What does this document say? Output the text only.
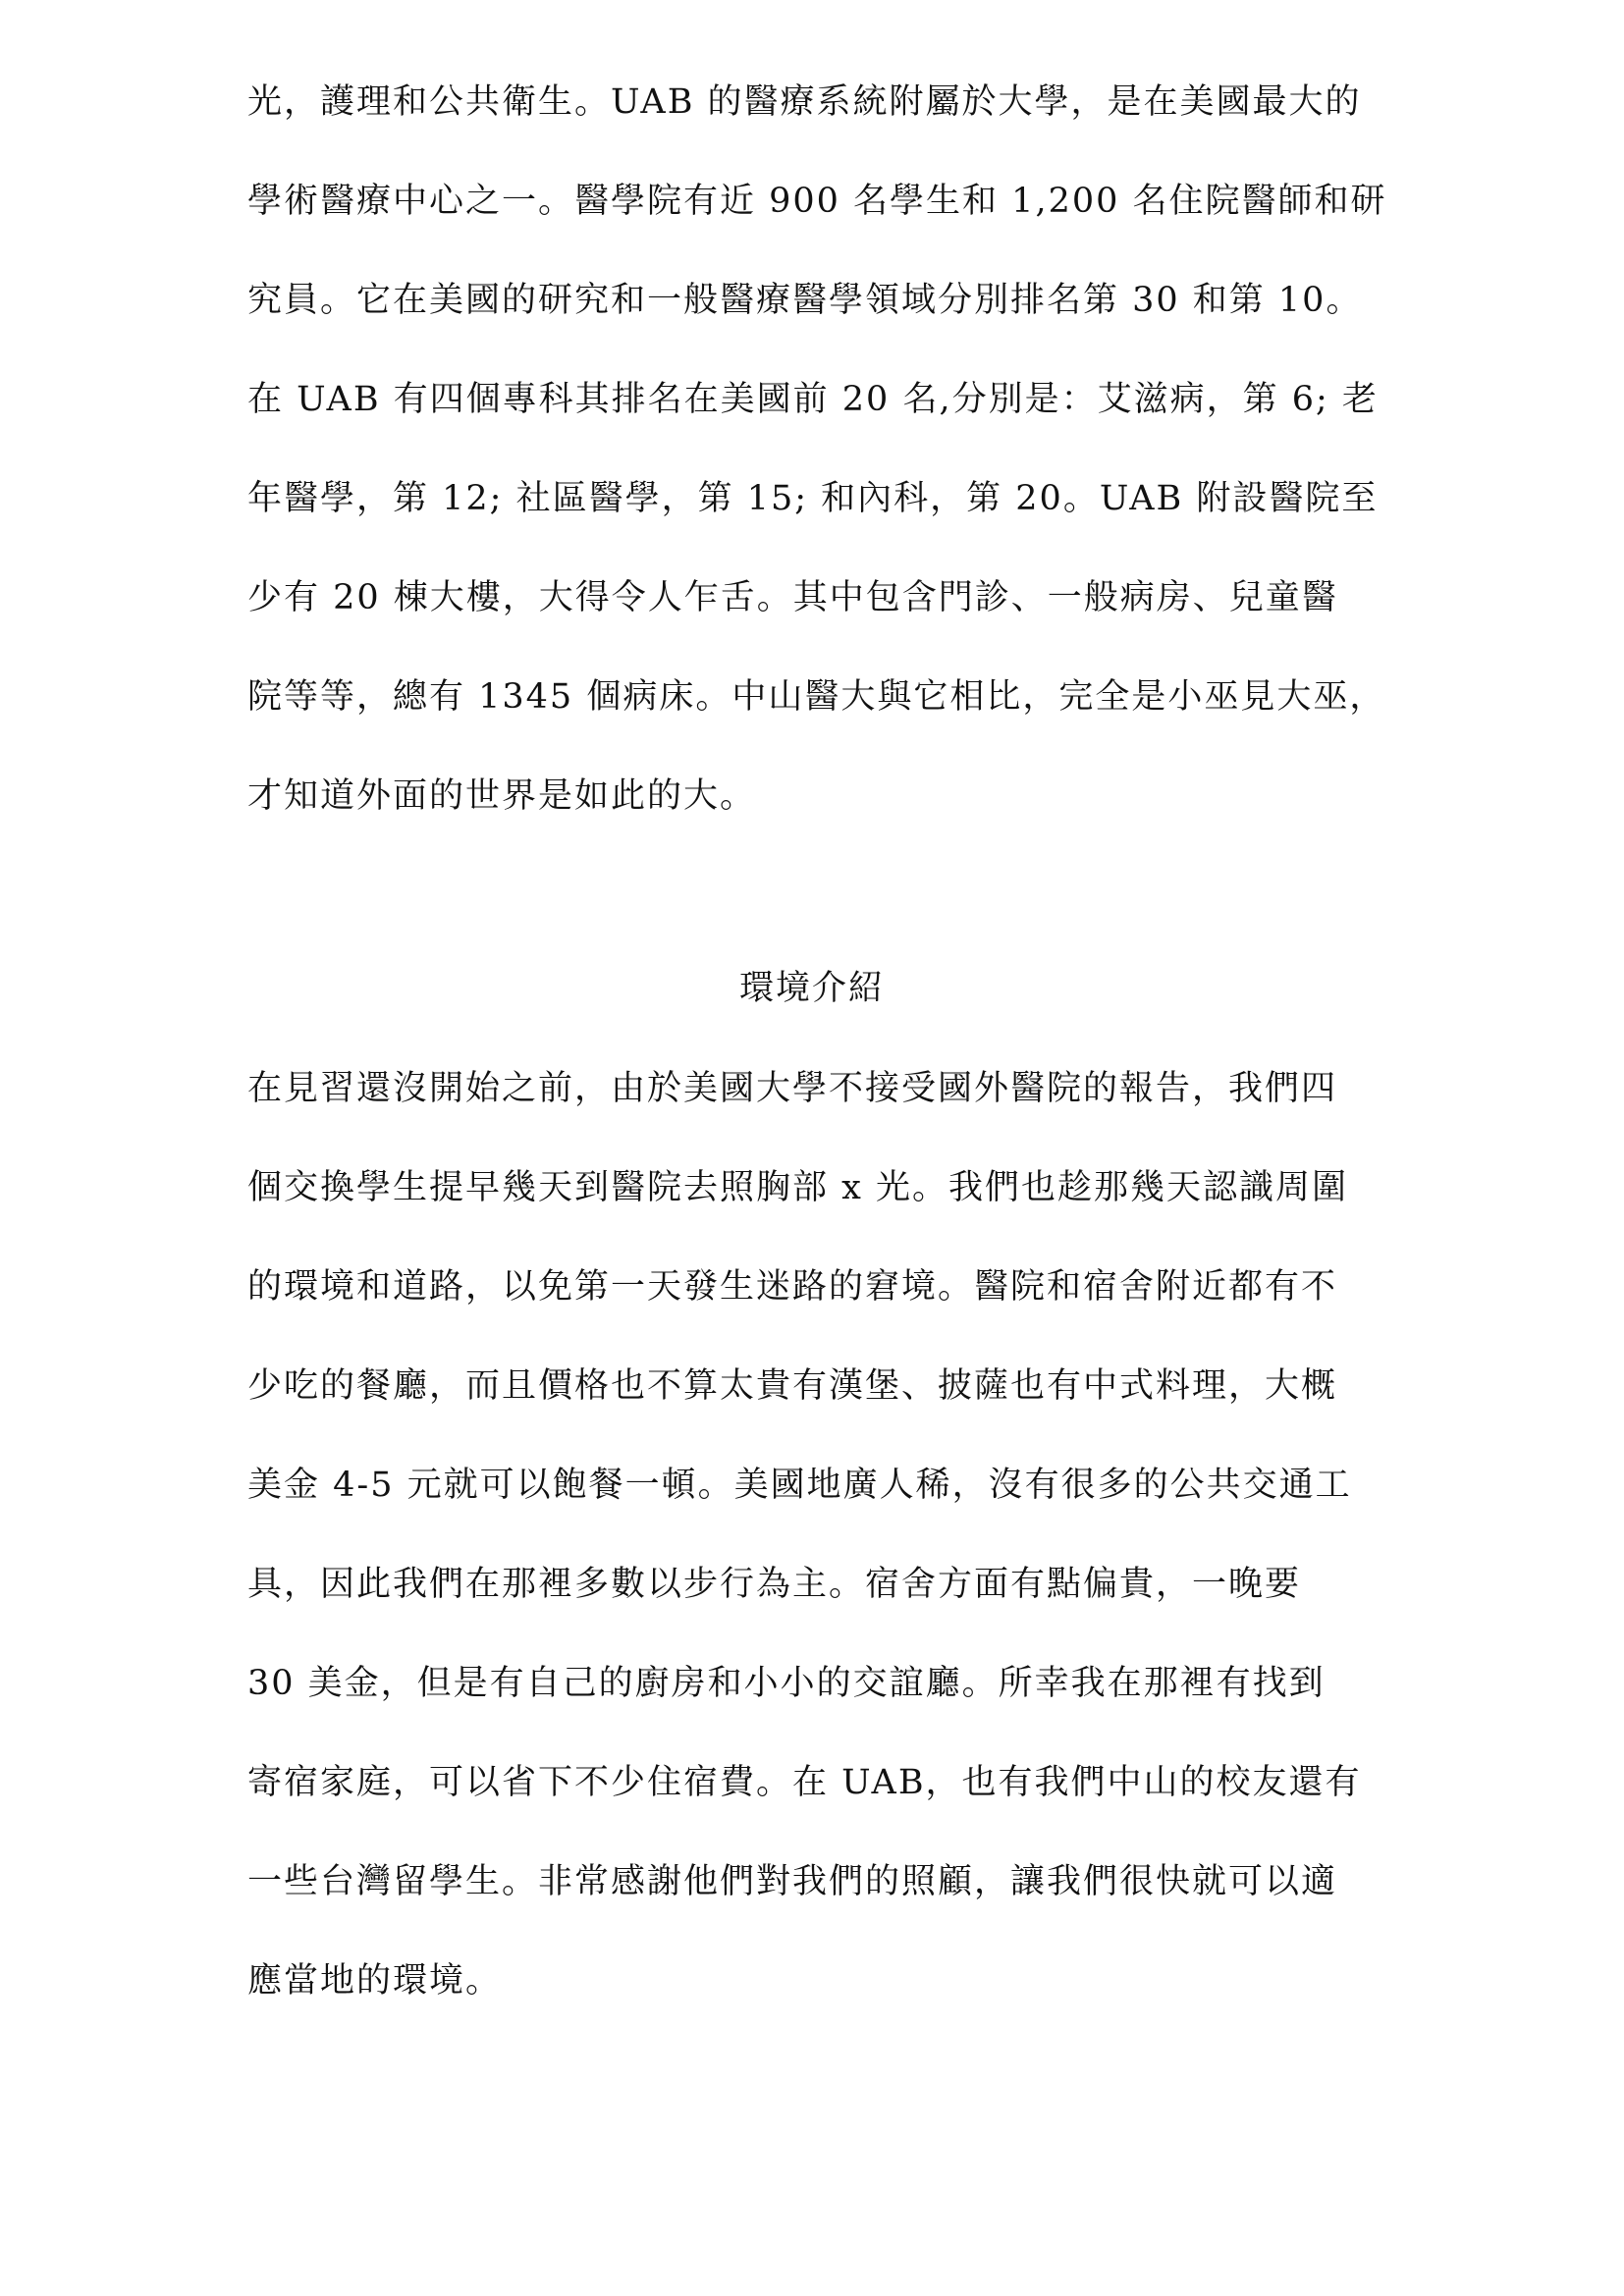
光，護理和公共衛生。UAB 的醫療系統附屬於大學，是在美國最大的
學術醫療中心之一。醫學院有近 900 名學生和 1,200 名住院醫師和研
究員。它在美國的研究和一般醫療醫學領域分別排名第 30 和第 10。
在 UAB 有四個專科其排名在美國前 20 名,分別是：艾滋病，第 6; 老
年醫學，第 12; 社區醫學，第 15; 和內科，第 20。UAB 附設醫院至
少有 20 棟大樓，大得令人乍舌。其中包含門診、一般病房、兒童醫
院等等，總有 1345 個病床。中山醫大與它相比，完全是小巫見大巫，
才知道外面的世界是如此的大。
環境介紹
在見習還沒開始之前，由於美國大學不接受國外醫院的報告，我們四
個交換學生提早幾天到醫院去照胸部 x 光。我們也趁那幾天認識周圍
的環境和道路，以免第一天發生迷路的窘境。醫院和宿舍附近都有不
少吃的餐廳，而且價格也不算太貴有漢堡、披薩也有中式料理，大概
美金 4-5 元就可以飽餐一頓。美國地廣人稀，沒有很多的公共交通工
具，因此我們在那裡多數以步行為主。宿舍方面有點偏貴，一晚要
30 美金，但是有自己的廚房和小小的交誼廳。所幸我在那裡有找到
寄宿家庭，可以省下不少住宿費。在 UAB，也有我們中山的校友還有
一些台灣留學生。非常感謝他們對我們的照顧，讓我們很快就可以適
應當地的環境。
